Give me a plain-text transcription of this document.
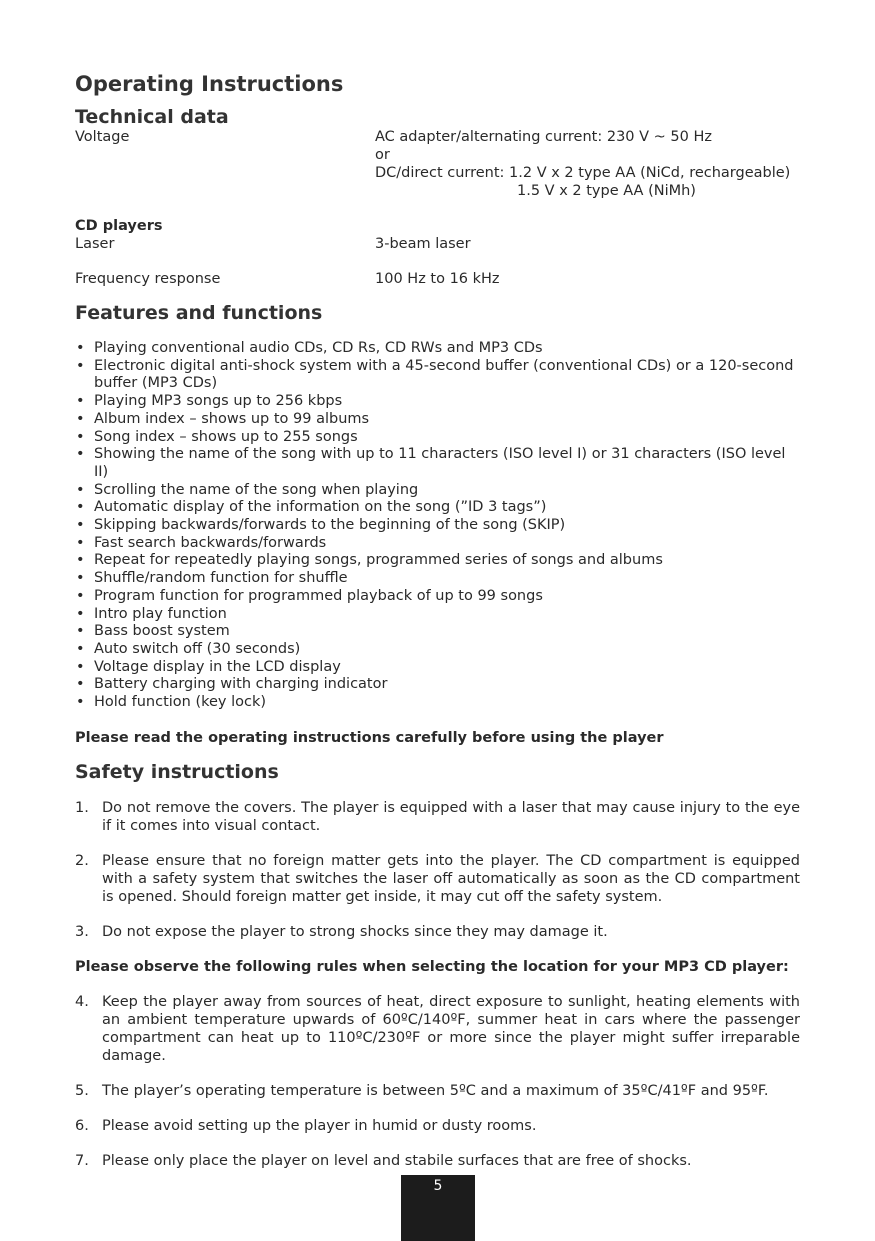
Operating Instructions
Technical data
Voltage	AC adapter/alternating current: 230 V ~ 50 Hz
or
DC/direct current: 1.2 V x 2 type AA (NiCd, rechargeable)
1.5 V x 2 type AA (NiMh)
CD players
Laser	3-beam laser
Frequency response	100 Hz to 16 kHz
Features and functions
• Playing conventional audio CDs, CD Rs, CD RWs and MP3 CDs
• Electronic digital anti-shock system with a 45-second buffer (conventional CDs) or a 120-second buffer (MP3 CDs)
• Playing MP3 songs up to 256 kbps
• Album index – shows up to 99 albums
• Song index – shows up to 255 songs
• Showing the name of the song with up to 11 characters (ISO level I) or 31 characters (ISO level II)
• Scrolling the name of the song when playing
• Automatic display of the information on the song (”ID 3 tags”)
• Skipping backwards/forwards to the beginning of the song (SKIP)
• Fast search backwards/forwards
• Repeat for repeatedly playing songs, programmed series of songs and albums
• Shuffle/random function for shuffle
• Program function for programmed playback of up to 99 songs
• Intro play function
• Bass boost system
• Auto switch off (30 seconds)
• Voltage display in the LCD display
• Battery charging with charging indicator
• Hold function (key lock)
Please read the operating instructions carefully before using the player
Safety instructions
1. Do not remove the covers. The player is equipped with a laser that may cause injury to the eye if it comes into visual contact.
2. Please ensure that no foreign matter gets into the player. The CD compartment is equipped with a safety system that switches the laser off automatically as soon as the CD compartment is opened. Should foreign matter get inside, it may cut off the safety system.
3. Do not expose the player to strong shocks since they may damage it.
Please observe the following rules when selecting the location for your MP3 CD player:
4. Keep the player away from sources of heat, direct exposure to sunlight, heating elements with an ambient temperature upwards of 60ºC/140ºF, summer heat in cars where the passenger compartment can heat up to 110ºC/230ºF or more since the player might suffer irreparable damage.
5. The player’s operating temperature is between 5ºC and a maximum of 35ºC/41ºF and 95ºF.
6. Please avoid setting up the player in humid or dusty rooms.
7. Please only place the player on level and stabile surfaces that are free of shocks.
5
